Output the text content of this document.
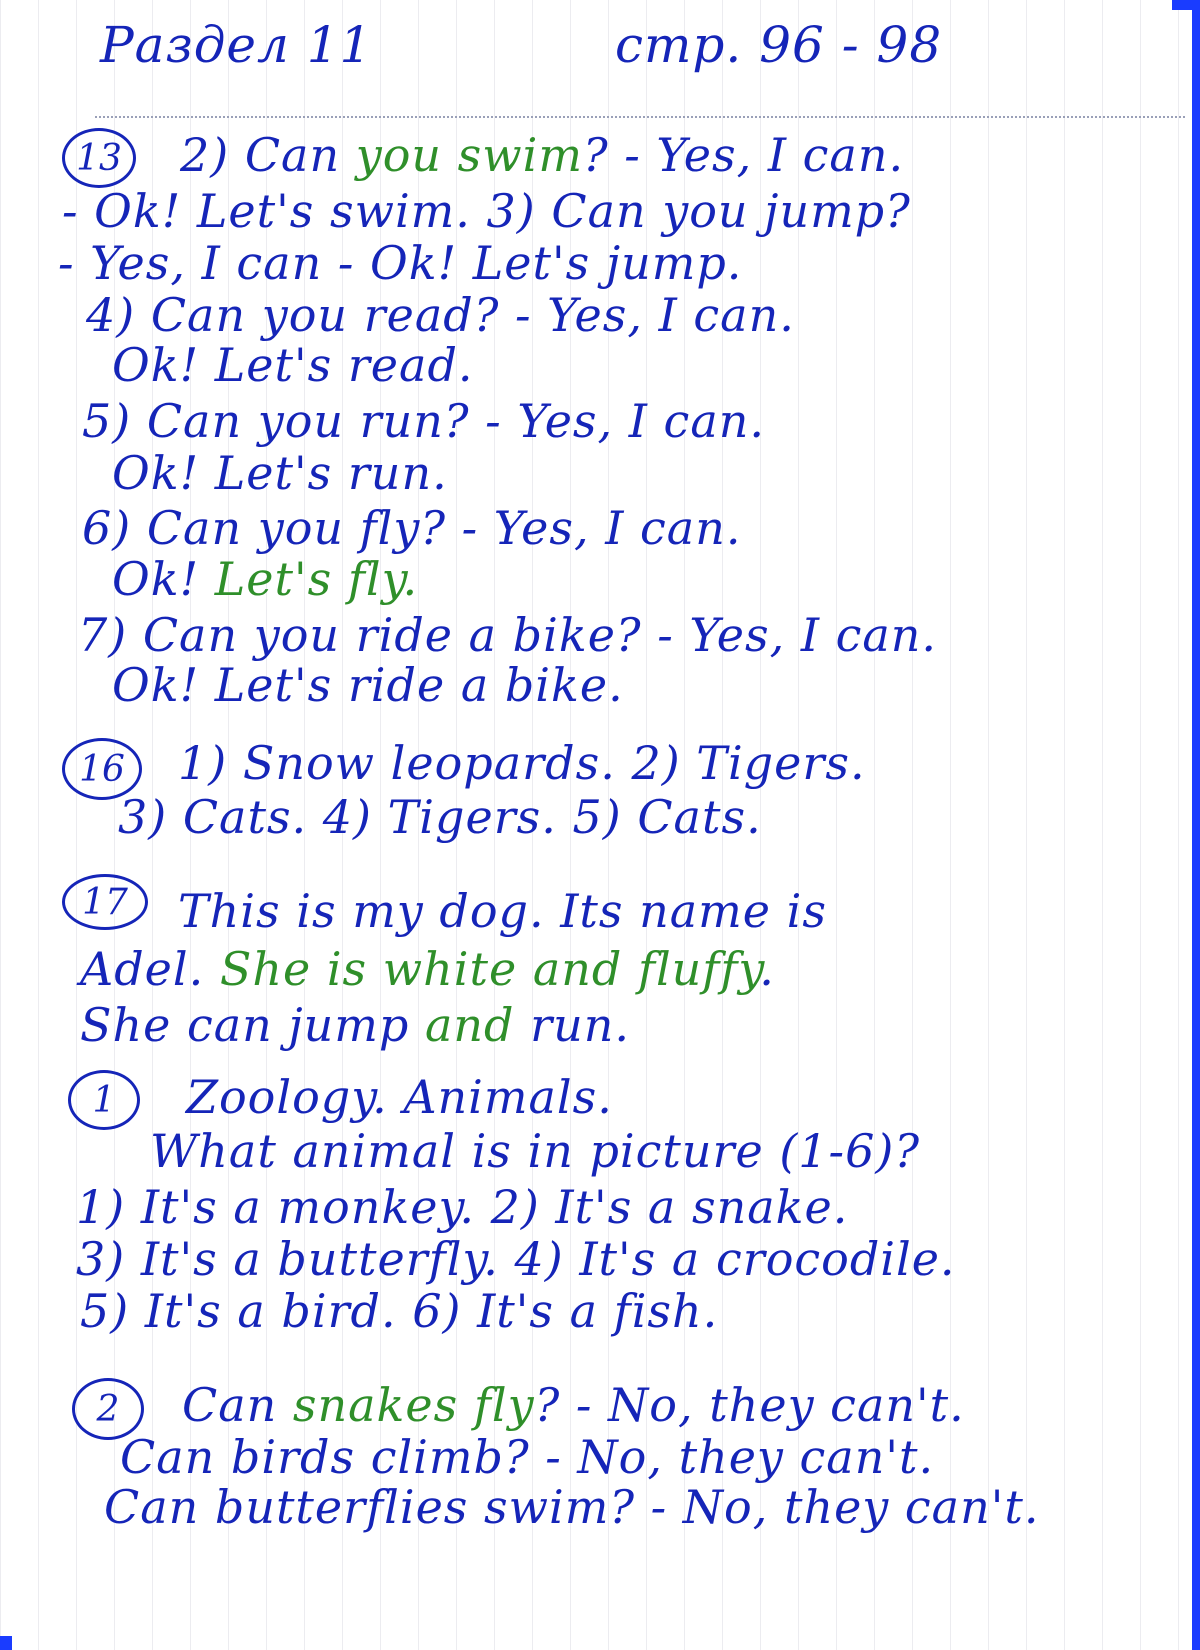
Раздел 11	стр. 96 - 98
13 2) Can you swim? - Yes, I can.
- Ok! Let's swim. 3) Can you jump?
- Yes, I can - Ok! Let's jump.
4) Can you read? - Yes, I can.
Ok! Let's read.
5) Can you run? - Yes, I can.
Ok! Let's run.
6) Can you fly? - Yes, I can.
Ok! Let's fly.
7) Can you ride a bike? - Yes, I can.
Ok! Let's ride a bike.
16 1) Snow leopards. 2) Tigers.
3) Cats. 4) Tigers. 5) Cats.
17 This is my dog. Its name is
Adel. She is white and fluffy.
She can jump and run.
1 Zoology. Animals.
What animal is in picture (1-6)?
1) It's a monkey. 2) It's a snake.
3) It's a butterfly. 4) It's a crocodile.
5) It's a bird. 6) It's a fish.
2 Can snakes fly? - No, they can't.
Can birds climb? - No, they can't.
Can butterflies swim? - No, they can't.
